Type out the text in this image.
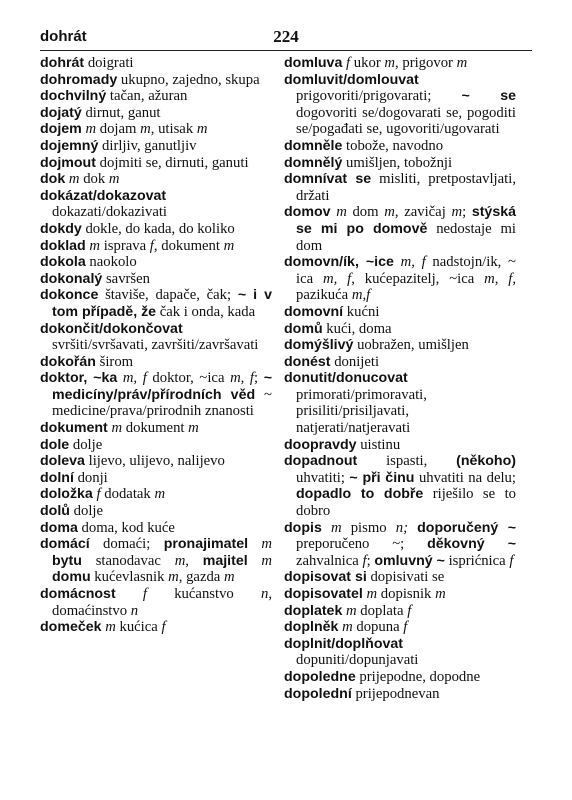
dohrát	224

dohrát doigrati

dohromady ukupno, zajedno, skupa

dochvilný tačan, ažuran

dojatý dirnut, ganut

dojem m dojam m, utisak m

dojemný dirljiv, ganutljiv

dojmout dojmiti se, dirnuti, ganuti

dok m dok m

dokázat/dokazovat dokazati/dokazivati

dokdy dokle, do kada, do koliko

doklad m isprava f, dokument m

dokola naokolo

dokonalý savršen

dokonce štaviše, dapače, čak; ~ i v tom případě, že čak i onda, kada

dokončit/dokončovat svršiti/svršavati, završiti/završavati

dokořán širom

doktor, ~ka m, f doktor, ~ica m, f; ~ medicíny/práv/přírodních věd ~ medicine/prava/prirodnih znanosti

dokument m dokument m

dole dolje

doleva lijevo, ulijevo, nalijevo

dolní donji

doložka f dodatak m

dolů dolje

doma doma, kod kuće

domácí domaći; pronajimatel m bytu stanodavac m, majitel m domu kućevlasnik m, gazda m

domácnost f kućanstvo n, domaćinstvo n

domeček m kućica f

domluva f ukor m, prigovor m

domluvit/domlouvat prigovoriti/prigovarati; ~ se dogovoriti se/dogovarati se, pogoditi se/pogađati se, ugovoriti/ugovarati

domněle tobože, navodno

domnělý umišljen, tobožnji

domnívat se misliti, pretpostavljati, držati

domov m dom m, zavičaj m; stýská se mi po domově nedostaje mi dom

domovn/ík, ~ice m, f nadstojn/ik, ~ ica m, f, kućepazitelj, ~ica m, f, pazikuća m,f

domovní kućni

domů kući, doma

domýšlivý uobražen, umišljen

donést donijeti

donutit/donucovat primorati/primoravati, prisiliti/prisiljavati, natjerati/natjeravati

doopravdy uistinu

dopadnout ispasti, (někoho) uhvatiti; ~ při činu uhvatiti na delu; dopadlo to dobře riješilo se to dobro

dopis m pismo n; doporučený ~ preporučeno ~; děkovný ~ zahvalnica f; omluvný ~ isprićnica f

dopisovat si dopisivati se

dopisovatel m dopisnik m

doplatek m doplata f

doplněk m dopuna f

doplnit/doplňovat dopuniti/dopunjavati

dopoledne prijepodne, dopodne

dopolední prijepodnevan
